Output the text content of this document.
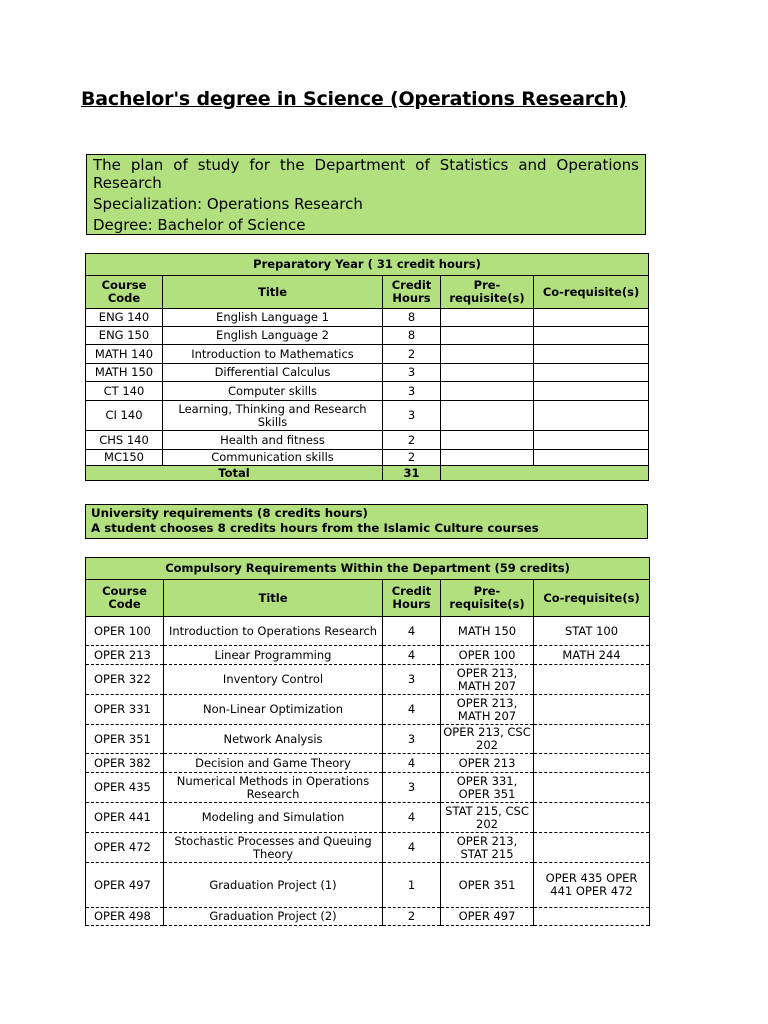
Bachelor's degree in Science (Operations Research)

The plan of study for the Department of Statistics and Operations Research

Specialization: Operations Research

Degree: Bachelor of Science

Preparatory Year ( 31 credit hours)				
Course Code	Title	Credit Hours	Pre-requisite(s)	Co-requisite(s)
ENG 140	English Language 1	8		
ENG 150	English Language 2	8		
MATH 140	Introduction to Mathematics	2		
MATH 150	Differential Calculus	3		
CT 140	Computer skills	3		
CI 140	Learning, Thinking and Research Skills	3		
CHS 140	Health and fitness	2		
MC150	Communication skills	2		
Total		31		

University requirements (8 credits hours)

A student chooses 8 credits hours from the Islamic Culture courses

Compulsory Requirements Within the Department (59 credits)				
Course Code	Title	Credit Hours	Pre-requisite(s)	Co-requisite(s)
OPER 100	Introduction to Operations Research	4	MATH 150	STAT 100
OPER 213	Linear Programming	4	OPER 100	MATH 244
OPER 322	Inventory Control	3	OPER 213, MATH 207	
OPER 331	Non-Linear Optimization	4	OPER 213, MATH 207	
OPER 351	Network Analysis	3	OPER 213, CSC 202	
OPER 382	Decision and Game Theory	4	OPER 213	
OPER 435	Numerical Methods in Operations Research	3	OPER 331, OPER 351	
OPER 441	Modeling and Simulation	4	STAT 215, CSC 202	
OPER 472	Stochastic Processes and Queuing Theory	4	OPER 213, STAT 215	
OPER 497	Graduation Project (1)	1	OPER 351	OPER 435 OPER 441 OPER 472
OPER 498	Graduation Project (2)	2	OPER 497	
